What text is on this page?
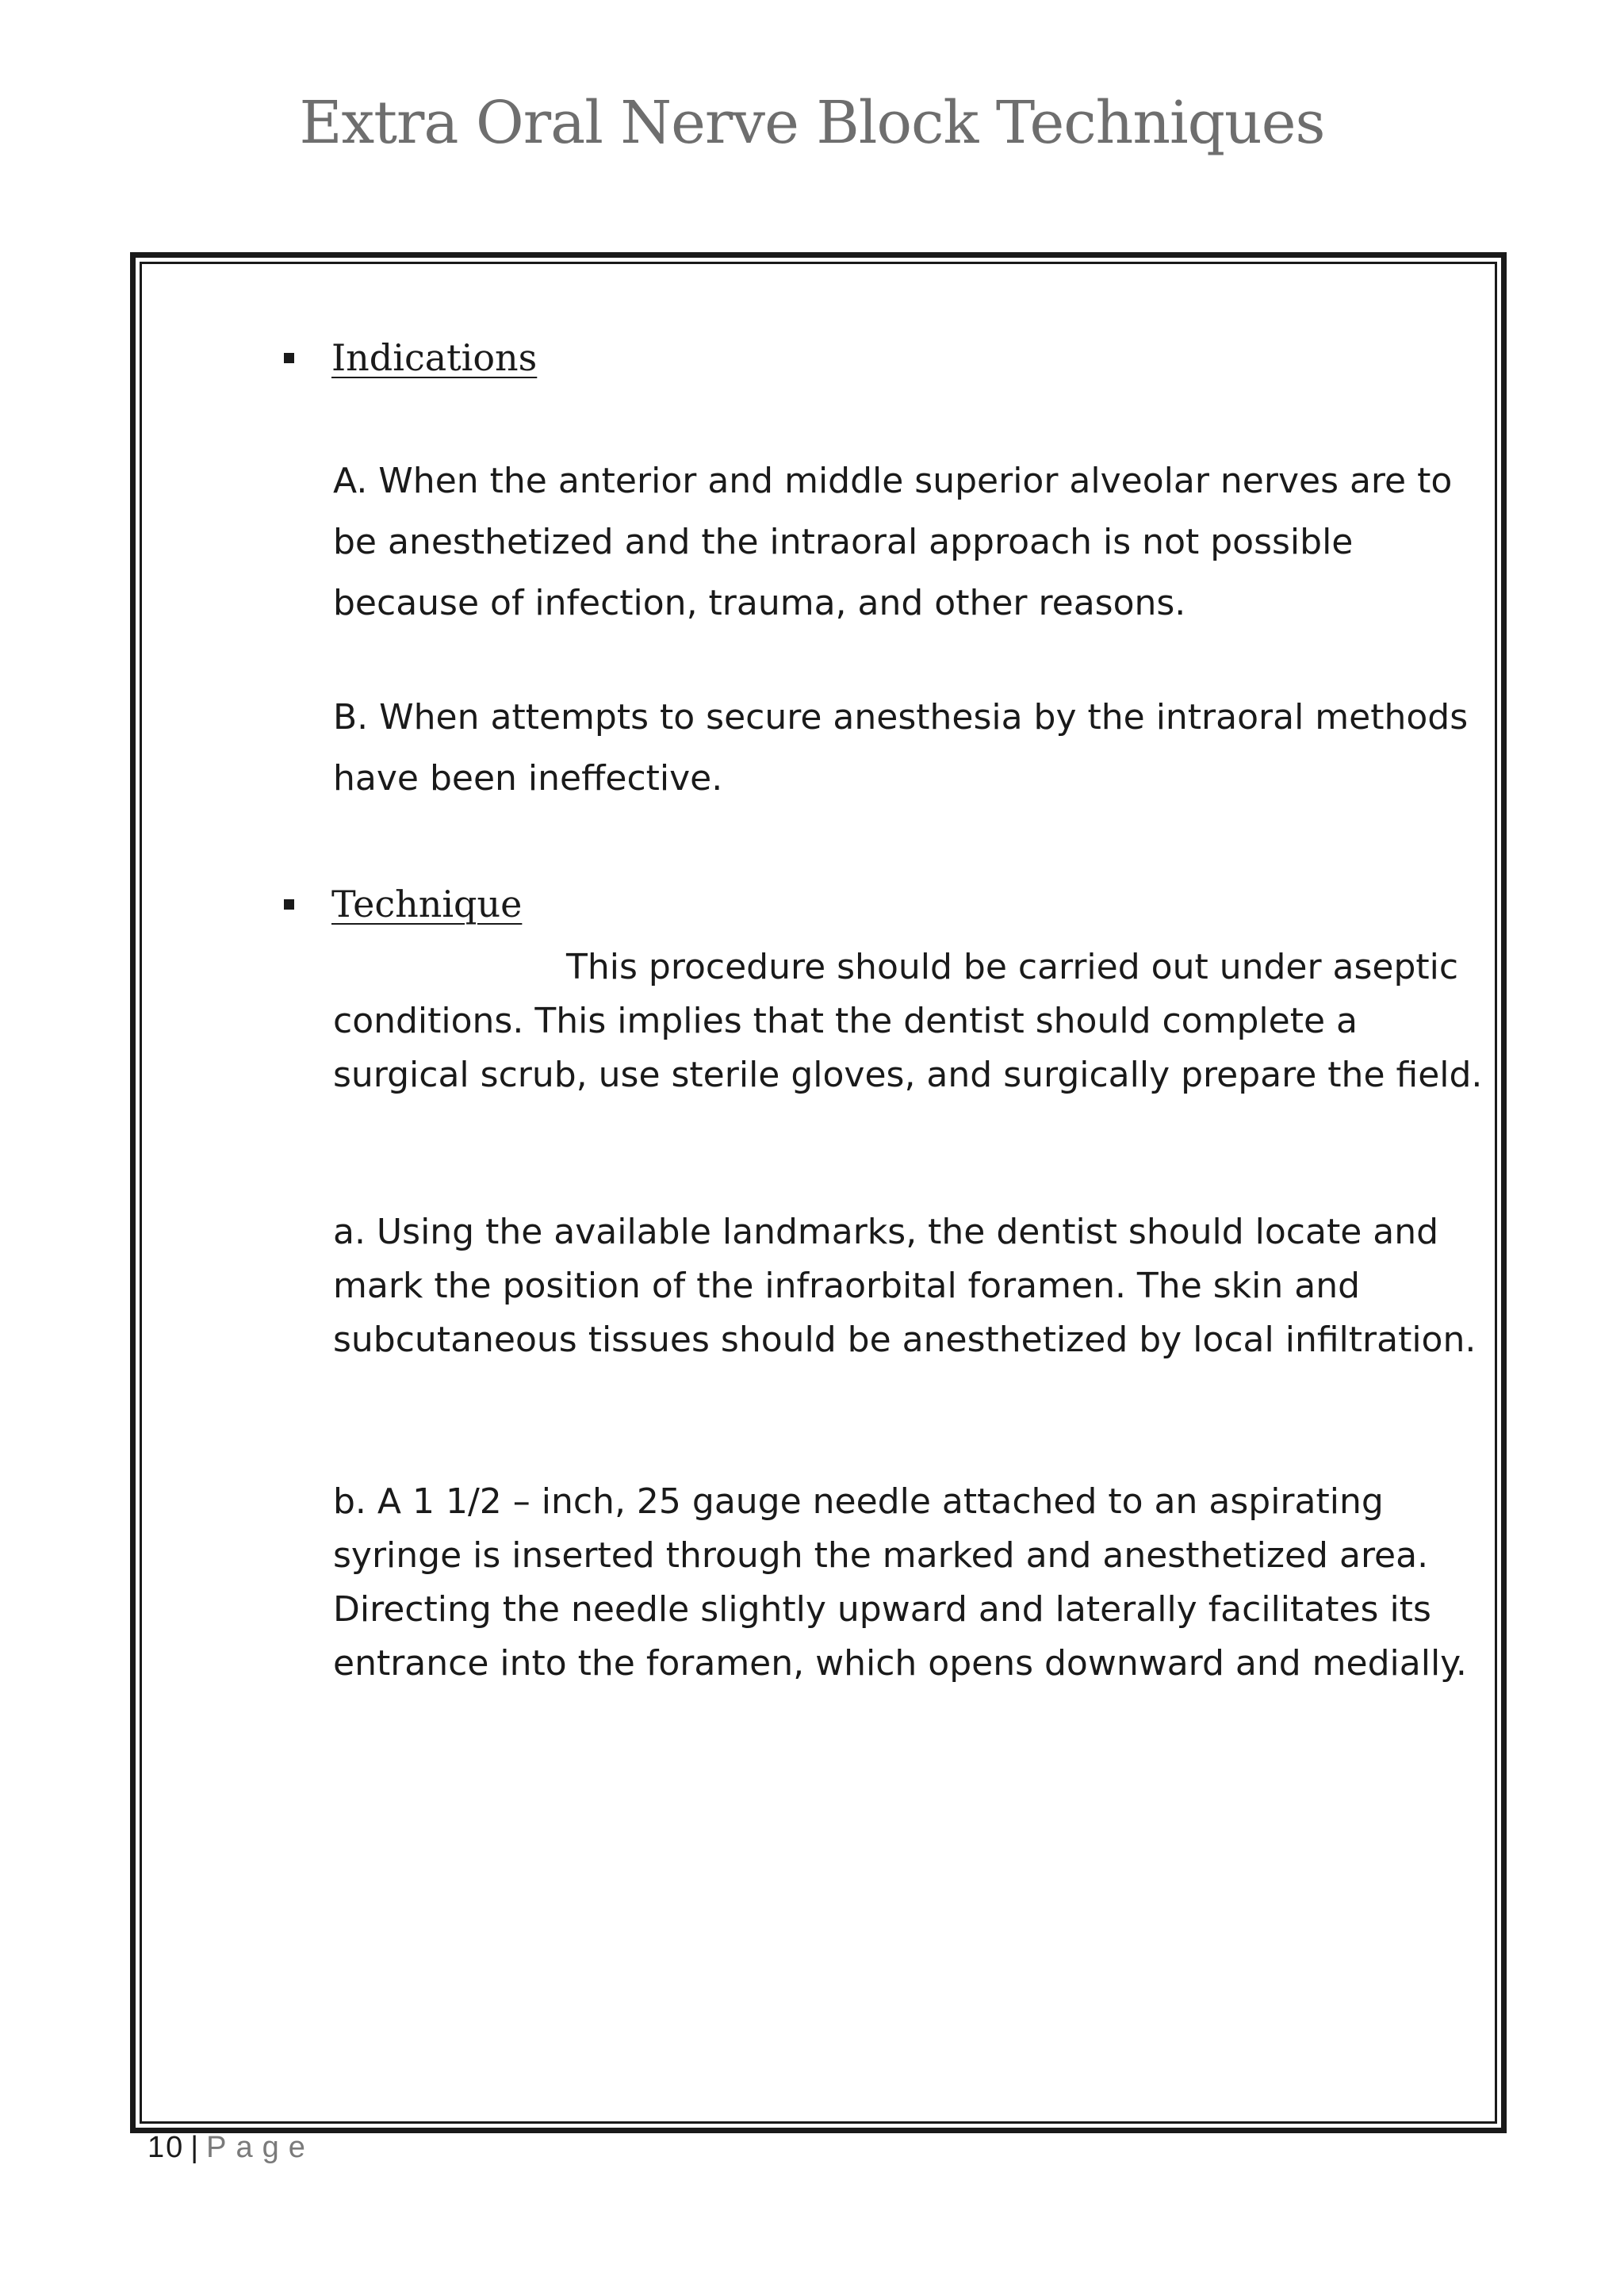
Extra Oral Nerve Block Techniques
Indications

A. When the anterior and middle superior alveolar nerves are to be anesthetized and the intraoral approach is not possible because of infection, trauma, and other reasons.

B. When attempts to secure anesthesia by the intraoral methods have been ineffective.

Technique

This procedure should be carried out under aseptic conditions. This implies that the dentist should complete a surgical scrub, use sterile gloves, and surgically prepare the field.

a. Using the available landmarks, the dentist should locate and mark the position of the infraorbital foramen. The skin and subcutaneous tissues should be anesthetized by local infiltration.

b. A 1 1/2 – inch, 25 gauge needle attached to an aspirating syringe is inserted through the marked and anesthetized area. Directing the needle slightly upward and laterally facilitates its entrance into the foramen, which opens downward and medially.

10 | Page
